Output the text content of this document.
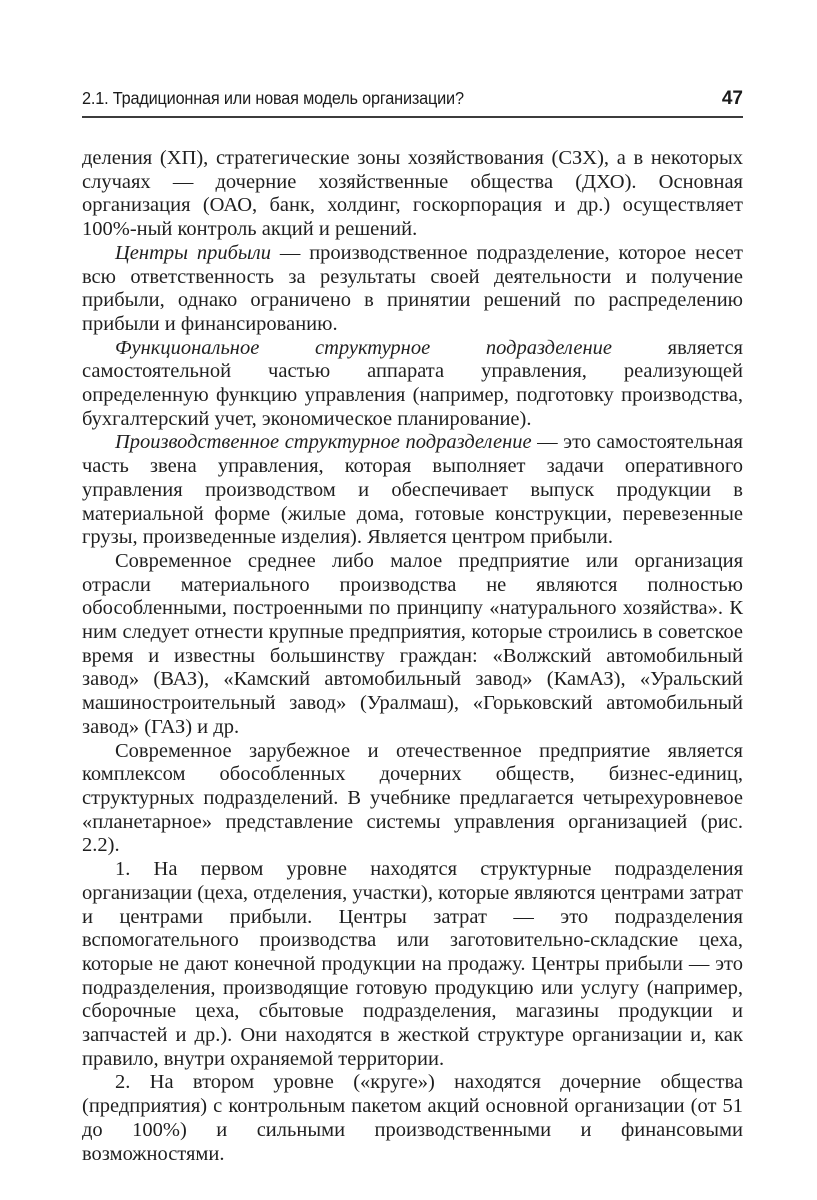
2.1. Традиционная или новая модель организации?	47

деления (ХП), стратегические зоны хозяйствования (СЗХ), а в некоторых случаях — дочерние хозяйственные общества (ДХО). Основная организация (ОАО, банк, холдинг, госкорпорация и др.) осуществляет 100%-ный контроль акций и решений.

Центры прибыли — производственное подразделение, которое несет всю ответственность за результаты своей деятельности и получение прибыли, однако ограничено в принятии решений по распределению прибыли и финансированию.

Функциональное структурное подразделение является самостоятельной частью аппарата управления, реализующей определенную функцию управления (например, подготовку производства, бухгалтерский учет, экономическое планирование).

Производственное структурное подразделение — это самостоятельная часть звена управления, которая выполняет задачи оперативного управления производством и обеспечивает выпуск продукции в материальной форме (жилые дома, готовые конструкции, перевезенные грузы, произведенные изделия). Является центром прибыли.

Современное среднее либо малое предприятие или организация отрасли материального производства не являются полностью обособленными, построенными по принципу «натурального хозяйства». К ним следует отнести крупные предприятия, которые строились в советское время и известны большинству граждан: «Волжский автомобильный завод» (ВАЗ), «Камский автомобильный завод» (КамАЗ), «Уральский машиностроительный завод» (Уралмаш), «Горьковский автомобильный завод» (ГАЗ) и др.

Современное зарубежное и отечественное предприятие является комплексом обособленных дочерних обществ, бизнес-единиц, структурных подразделений. В учебнике предлагается четырехуровневое «планетарное» представление системы управления организацией (рис. 2.2).

1. На первом уровне находятся структурные подразделения организации (цеха, отделения, участки), которые являются центрами затрат и центрами прибыли. Центры затрат — это подразделения вспомогательного производства или заготовительно-складские цеха, которые не дают конечной продукции на продажу. Центры прибыли — это подразделения, производящие готовую продукцию или услугу (например, сборочные цеха, сбытовые подразделения, магазины продукции и запчастей и др.). Они находятся в жесткой структуре организации и, как правило, внутри охраняемой территории.

2. На втором уровне («круге») находятся дочерние общества (предприятия) с контрольным пакетом акций основной организации (от 51 до 100%) и сильными производственными и финансовыми возможностями.
